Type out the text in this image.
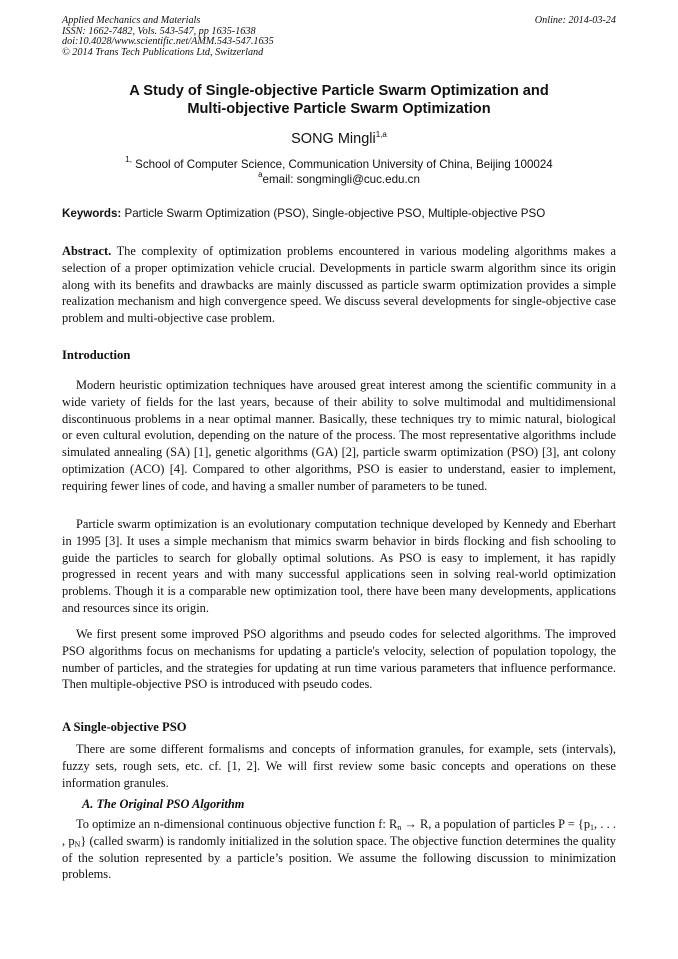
Applied Mechanics and Materials	Online: 2014-03-24
ISSN: 1662-7482, Vols. 543-547, pp 1635-1638
doi:10.4028/www.scientific.net/AMM.543-547.1635
© 2014 Trans Tech Publications Ltd, Switzerland
A Study of Single-objective Particle Swarm Optimization and
Multi-objective Particle Swarm Optimization
SONG Mingli$^{1,a}$
$^{1,}$ School of Computer Science, Communication University of China, Beijing 100024
$^a$email: songmingli@cuc.edu.cn
Keywords: Particle Swarm Optimization (PSO), Single-objective PSO, Multiple-objective PSO

Abstract. The complexity of optimization problems encountered in various modeling algorithms makes a selection of a proper optimization vehicle crucial. Developments in particle swarm algorithm since its origin along with its benefits and drawbacks are mainly discussed as particle swarm optimization provides a simple realization mechanism and high convergence speed. We discuss several developments for single-objective case problem and multi-objective case problem.

Introduction

Modern heuristic optimization techniques have aroused great interest among the scientific community in a wide variety of fields for the last years, because of their ability to solve multimodal and multidimensional discontinuous problems in a near optimal manner. Basically, these techniques try to mimic natural, biological or even cultural evolution, depending on the nature of the process. The most representative algorithms include simulated annealing (SA) [1], genetic algorithms (GA) [2], particle swarm optimization (PSO) [3], ant colony optimization (ACO) [4]. Compared to other algorithms, PSO is easier to understand, easier to implement, requiring fewer lines of code, and having a smaller number of parameters to be tuned.

Particle swarm optimization is an evolutionary computation technique developed by Kennedy and Eberhart in 1995 [3]. It uses a simple mechanism that mimics swarm behavior in birds flocking and fish schooling to guide the particles to search for globally optimal solutions. As PSO is easy to implement, it has rapidly progressed in recent years and with many successful applications seen in solving real-world optimization problems. Though it is a comparable new optimization tool, there have been many developments, applications and resources since its origin.

We first present some improved PSO algorithms and pseudo codes for selected algorithms. The improved PSO algorithms focus on mechanisms for updating a particle's velocity, selection of population topology, the number of particles, and the strategies for updating at run time various parameters that influence performance. Then multiple-objective PSO is introduced with pseudo codes.

A Single-objective PSO

There are some different formalisms and concepts of information granules, for example, sets (intervals), fuzzy sets, rough sets, etc. cf. [1, 2]. We will first review some basic concepts and operations on these information granules.

A. The Original PSO Algorithm

To optimize an n-dimensional continuous objective function f: $R_n \to R$, a population of particles $P = \{p_1$, . . . , $p_N$} (called swarm) is randomly initialized in the solution space. The objective function determines the quality of the solution represented by a particle’s position. We assume the following discussion to minimization problems.
